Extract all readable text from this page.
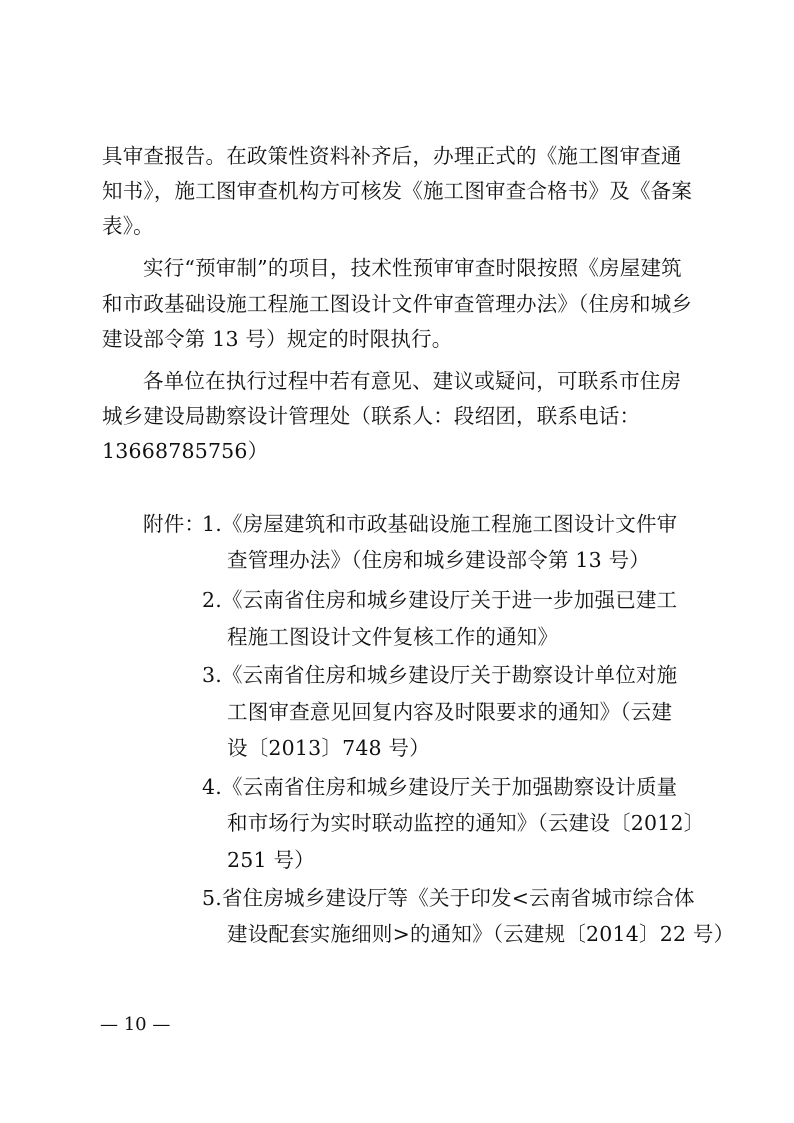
具审查报告。在政策性资料补齐后，办理正式的《施工图审查通
知书》，施工图审查机构方可核发《施工图审查合格书》及《备案
表》。
实行“预审制”的项目，技术性预审审查时限按照《房屋建筑
和市政基础设施工程施工图设计文件审查管理办法》（住房和城乡
建设部令第 13 号）规定的时限执行。
各单位在执行过程中若有意见、建议或疑问，可联系市住房
城乡建设局勘察设计管理处（联系人：段绍团，联系电话：
13668785756）
附件：
1.《房屋建筑和市政基础设施工程施工图设计文件审
查管理办法》（住房和城乡建设部令第 13 号）
2.《云南省住房和城乡建设厅关于进一步加强已建工
程施工图设计文件复核工作的通知》
3.《云南省住房和城乡建设厅关于勘察设计单位对施
工图审查意见回复内容及时限要求的通知》（云建
设〔2013〕748 号）
4.《云南省住房和城乡建设厅关于加强勘察设计质量
和市场行为实时联动监控的通知》（云建设〔2012〕
251 号）
5.省住房城乡建设厅等《关于印发<云南省城市综合体
建设配套实施细则>的通知》（云建规〔2014〕22 号）
— 10 —
